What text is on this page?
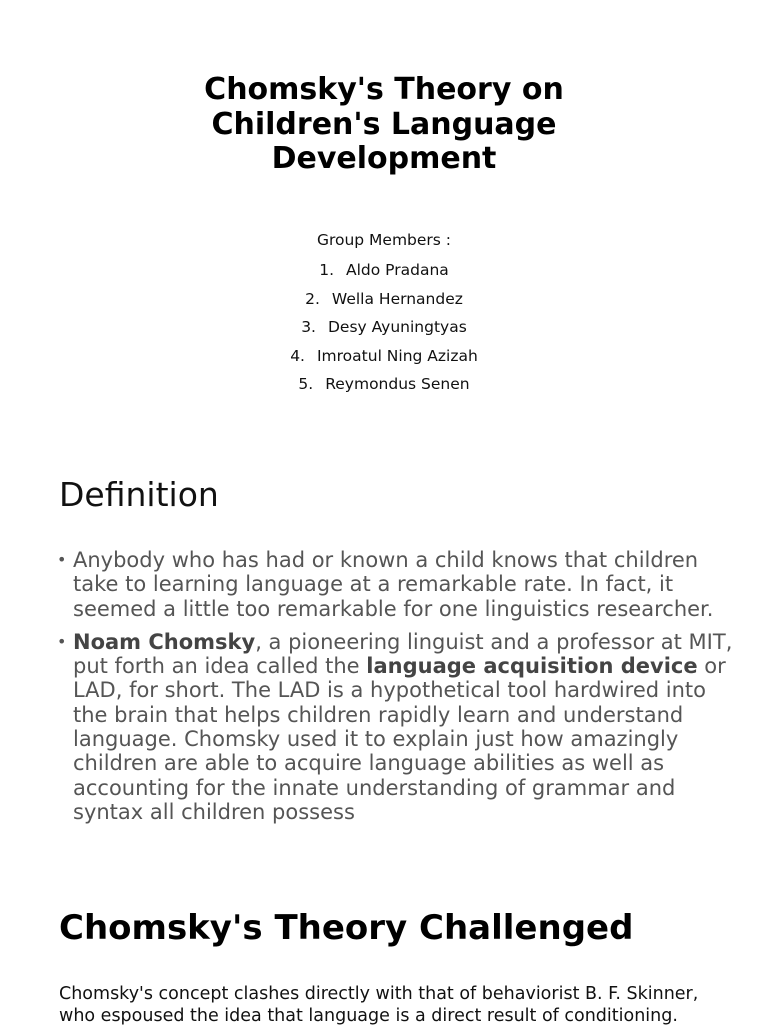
Chomsky's Theory on
Children's Language
Development
Group Members :
1. Aldo Pradana
2. Wella Hernandez
3. Desy Ayuningtyas
4. Imroatul Ning Azizah
5. Reymondus Senen
Definition
• Anybody who has had or known a child knows that children take to learning language at a remarkable rate. In fact, it seemed a little too remarkable for one linguistics researcher.
• Noam Chomsky, a pioneering linguist and a professor at MIT, put forth an idea called the language acquisition device or LAD, for short. The LAD is a hypothetical tool hardwired into the brain that helps children rapidly learn and understand language. Chomsky used it to explain just how amazingly children are able to acquire language abilities as well as accounting for the innate understanding of grammar and syntax all children possess
Chomsky's Theory Challenged

Chomsky's concept clashes directly with that of behaviorist B. F. Skinner, who espoused the idea that language is a direct result of conditioning.
